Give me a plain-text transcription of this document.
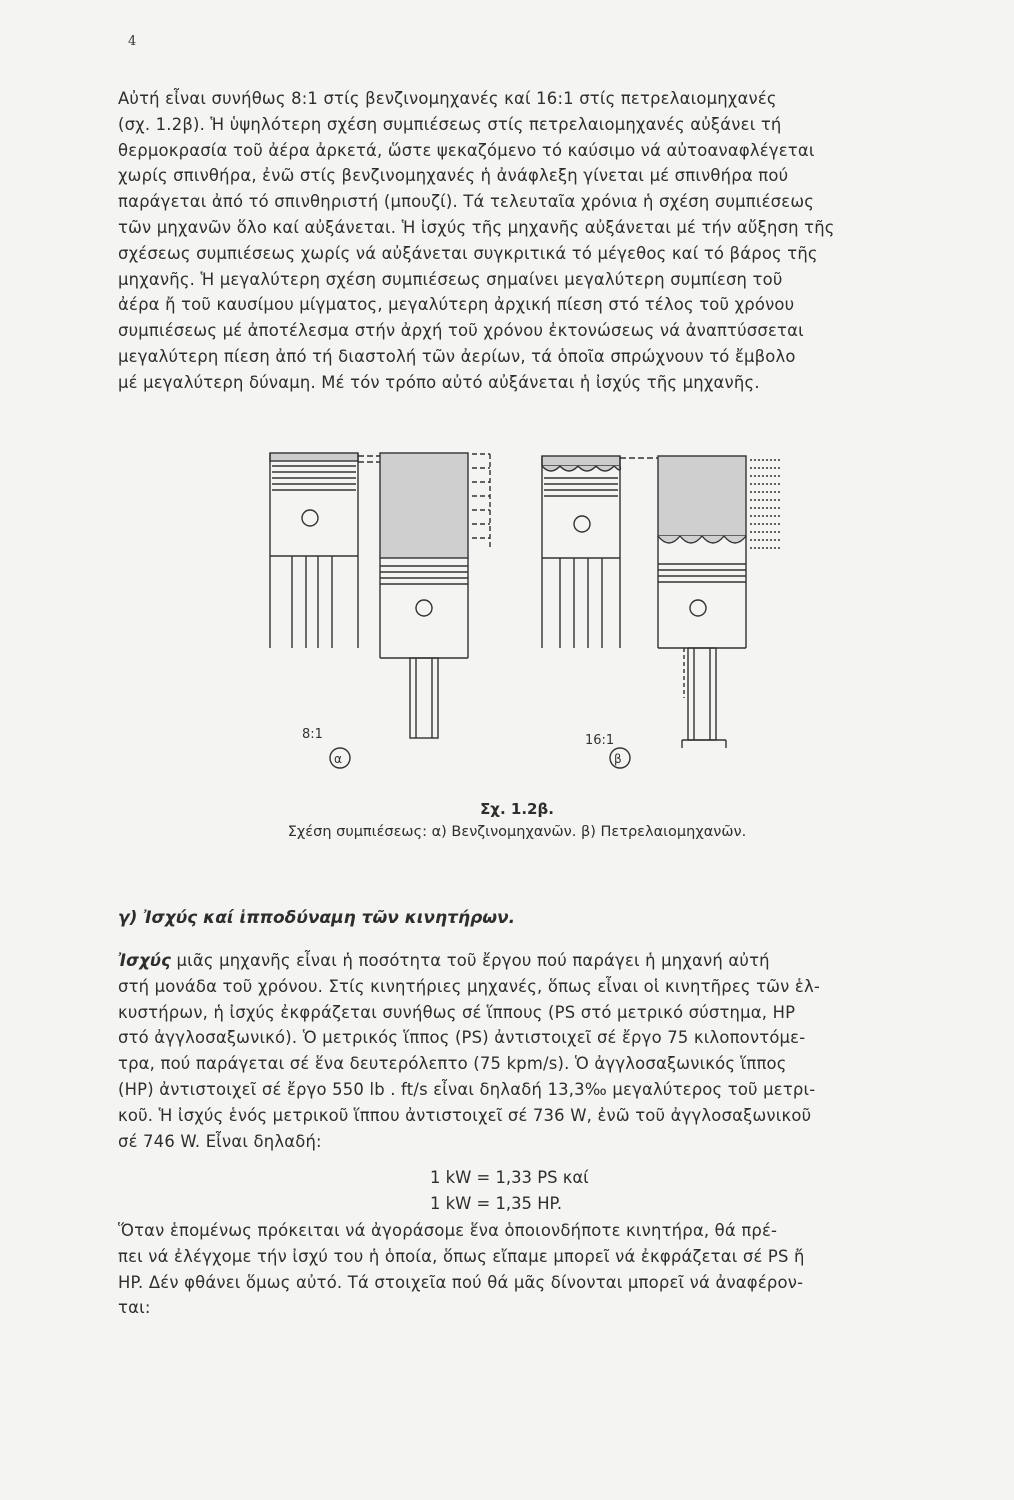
4
Αὐτή εἶναι συνήθως 8:1 στίς βενζινομηχανές καί 16:1 στίς πετρελαιομηχανές
(σχ. 1.2β). Ἡ ὑψηλότερη σχέση συμπιέσεως στίς πετρελαιομηχανές αὐξάνει τή
θερμοκρασία τοῦ ἀέρα ἀρκετά, ὥστε ψεκαζόμενο τό καύσιμο νά αὐτοαναφλέγεται
χωρίς σπινθήρα, ἐνῶ στίς βενζινομηχανές ἡ ἀνάφλεξη γίνεται μέ σπινθήρα πού
παράγεται ἀπό τό σπινθηριστή (μπουζί). Τά τελευταῖα χρόνια ἡ σχέση συμπιέσεως
τῶν μηχανῶν ὅλο καί αὐξάνεται. Ἡ ἰσχύς τῆς μηχανῆς αὐξάνεται μέ τήν αὔξηση τῆς
σχέσεως συμπιέσεως χωρίς νά αὐξάνεται συγκριτικά τό μέγεθος καί τό βάρος τῆς
μηχανῆς. Ἡ μεγαλύτερη σχέση συμπιέσεως σημαίνει μεγαλύτερη συμπίεση τοῦ
ἀέρα ἤ τοῦ καυσίμου μίγματος, μεγαλύτερη ἀρχική πίεση στό τέλος τοῦ χρόνου
συμπιέσεως μέ ἀποτέλεσμα στήν ἀρχή τοῦ χρόνου ἐκτονώσεως νά ἀναπτύσσεται
μεγαλύτερη πίεση ἀπό τή διαστολή τῶν ἀερίων, τά ὁποῖα σπρώχνουν τό ἔμβολο
μέ μεγαλύτερη δύναμη. Μέ τόν τρόπο αὐτό αὐξάνεται ἡ ἰσχύς τῆς μηχανῆς.
8:1
α
16:1
β
Σχ. 1.2β.
Σχέση συμπιέσεως: α) Βενζινομηχανῶν. β) Πετρελαιομηχανῶν.
γ) Ἰσχύς καί ἱπποδύναμη τῶν κινητήρων.
Ἰσχύς μιᾶς μηχανῆς εἶναι ἡ ποσότητα τοῦ ἔργου πού παράγει ἡ μηχανή αὐτή
στή μονάδα τοῦ χρόνου. Στίς κινητήριες μηχανές, ὅπως εἶναι οἱ κινητῆρες τῶν ἑλ-
κυστήρων, ἡ ἰσχύς ἐκφράζεται συνήθως σέ ἵππους (PS στό μετρικό σύστημα, HP
στό ἀγγλοσαξωνικό). Ὁ μετρικός ἵππος (PS) ἀντιστοιχεῖ σέ ἔργο 75 κιλοποντόμε-
τρα, πού παράγεται σέ ἕνα δευτερόλεπτο (75 kpm/s). Ὁ ἀγγλοσαξωνικός ἵππος
(HP) ἀντιστοιχεῖ σέ ἔργο 550 lb . ft/s εἶναι δηλαδή 13,3‰ μεγαλύτερος τοῦ μετρι-
κοῦ. Ἡ ἰσχύς ἑνός μετρικοῦ ἵππου ἀντιστοιχεῖ σέ 736 W, ἐνῶ τοῦ ἀγγλοσαξωνικοῦ
σέ 746 W. Εἶναι δηλαδή:
1 kW = 1,33 PS καί
1 kW = 1,35 HP.
Ὅταν ἑπομένως πρόκειται νά ἀγοράσομε ἕνα ὁποιονδήποτε κινητήρα, θά πρέ-
πει νά ἐλέγχομε τήν ἰσχύ του ἡ ὁποία, ὅπως εἴπαμε μπορεῖ νά ἐκφράζεται σέ PS ἤ
HP. Δέν φθάνει ὅμως αὐτό. Τά στοιχεῖα πού θά μᾶς δίνονται μπορεῖ νά ἀναφέρον-
ται:
